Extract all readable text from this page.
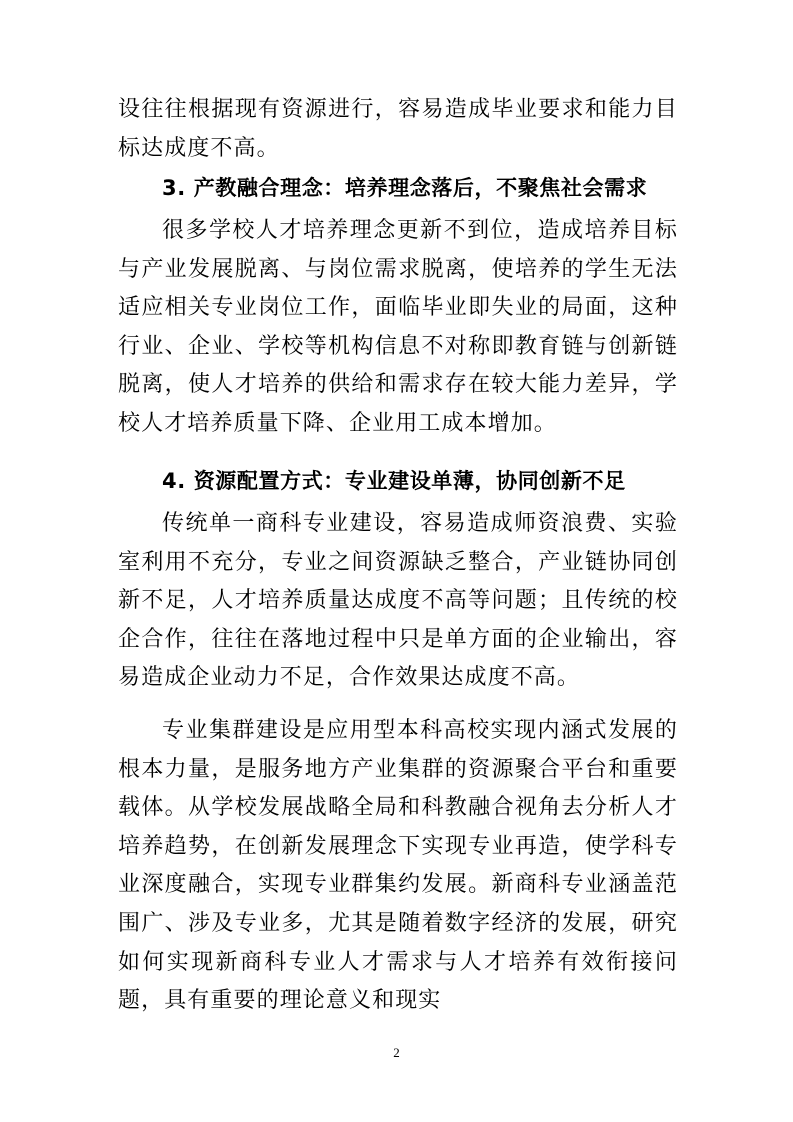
设往往根据现有资源进行，容易造成毕业要求和能力目标达成度不高。

3. 产教融合理念：培养理念落后，不聚焦社会需求

很多学校人才培养理念更新不到位，造成培养目标与产业发展脱离、与岗位需求脱离，使培养的学生无法适应相关专业岗位工作，面临毕业即失业的局面，这种行业、企业、学校等机构信息不对称即教育链与创新链脱离，使人才培养的供给和需求存在较大能力差异，学校人才培养质量下降、企业用工成本增加。

4. 资源配置方式：专业建设单薄，协同创新不足

传统单一商科专业建设，容易造成师资浪费、实验室利用不充分，专业之间资源缺乏整合，产业链协同创新不足，人才培养质量达成度不高等问题；且传统的校企合作，往往在落地过程中只是单方面的企业输出，容易造成企业动力不足，合作效果达成度不高。

专业集群建设是应用型本科高校实现内涵式发展的根本力量，是服务地方产业集群的资源聚合平台和重要载体。从学校发展战略全局和科教融合视角去分析人才培养趋势，在创新发展理念下实现专业再造，使学科专业深度融合，实现专业群集约发展。新商科专业涵盖范围广、涉及专业多，尤其是随着数字经济的发展，研究如何实现新商科专业人才需求与人才培养有效衔接问题，具有重要的理论意义和现实

2
